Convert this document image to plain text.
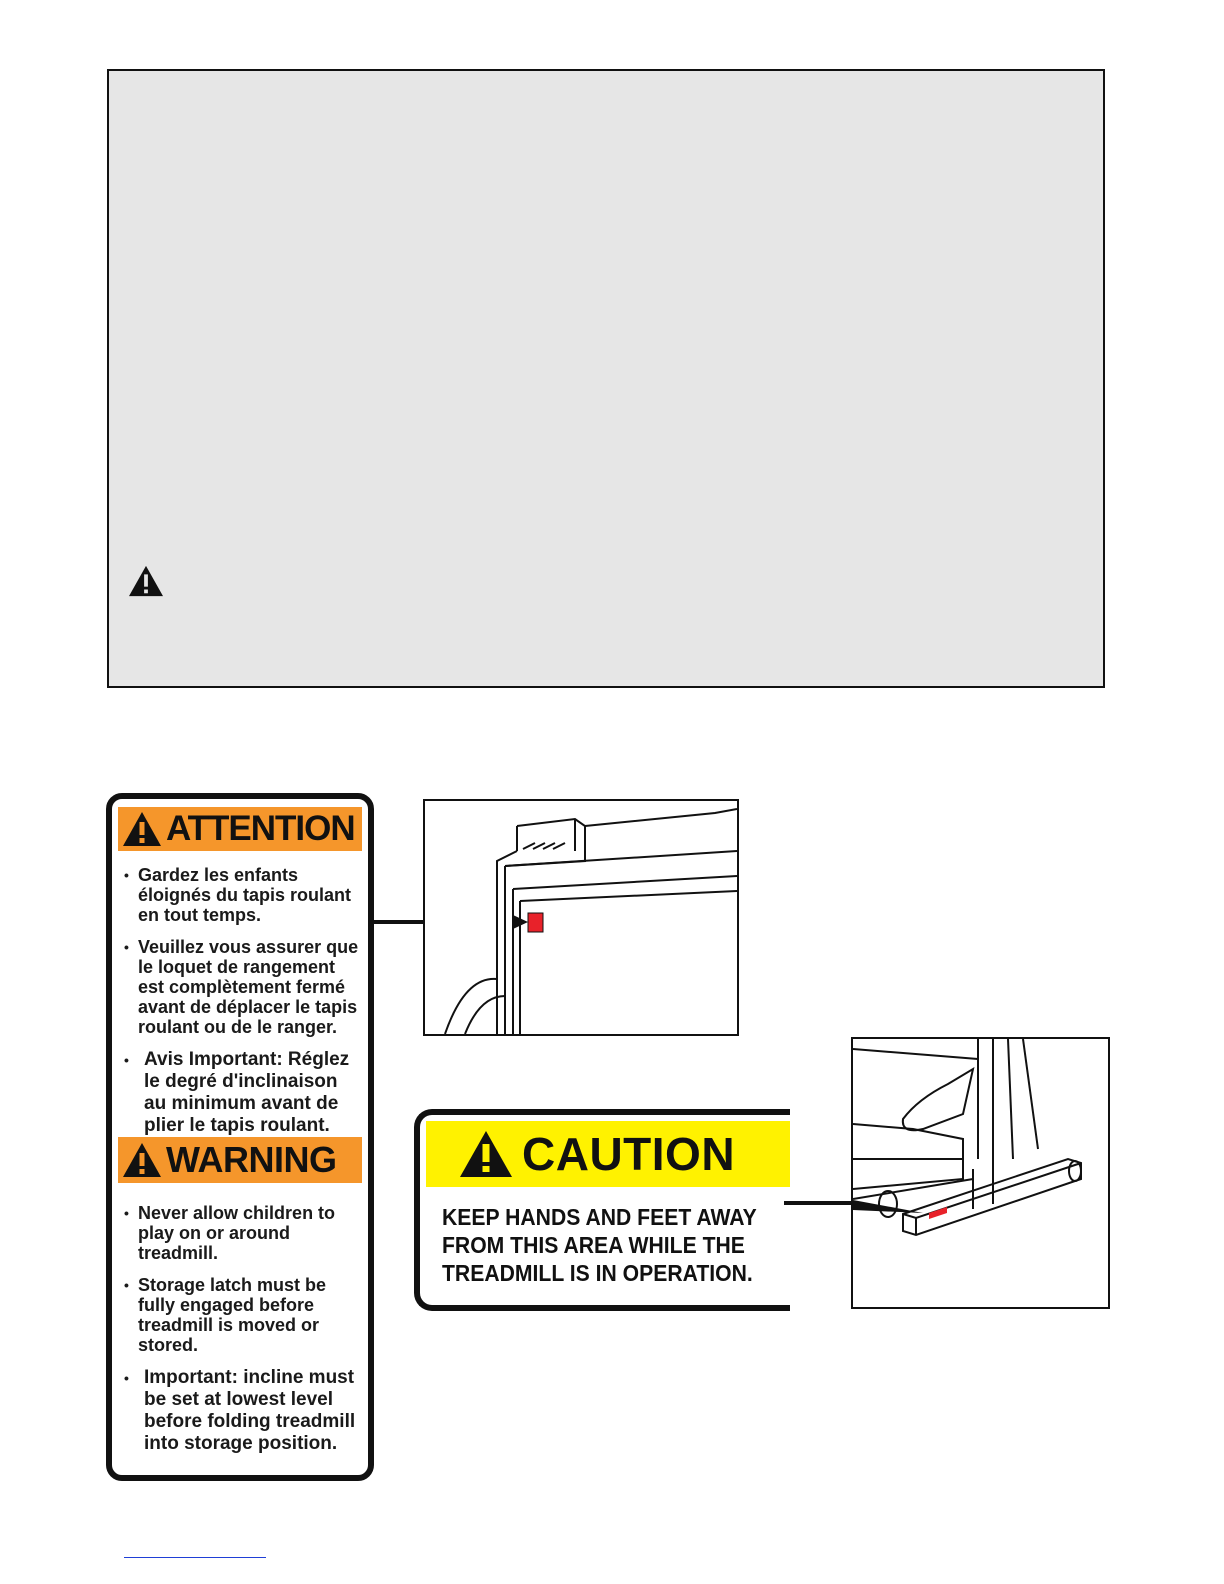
ATTENTION
• Gardez les enfants éloignés du tapis roulant en tout temps.
• Veuillez vous assurer que le loquet de rangement est complètement fermé avant de déplacer le tapis roulant ou de le ranger.
• Avis Important: Réglez le degré d'inclinaison au minimum avant de plier le tapis roulant.
WARNING
• Never allow children to play on or around treadmill.
• Storage latch must be fully engaged before treadmill is moved or stored.
• Important: incline must be set at lowest level before folding treadmill into storage position.
CAUTION
KEEP HANDS AND FEET AWAY
FROM THIS AREA WHILE THE
TREADMILL IS IN OPERATION.
